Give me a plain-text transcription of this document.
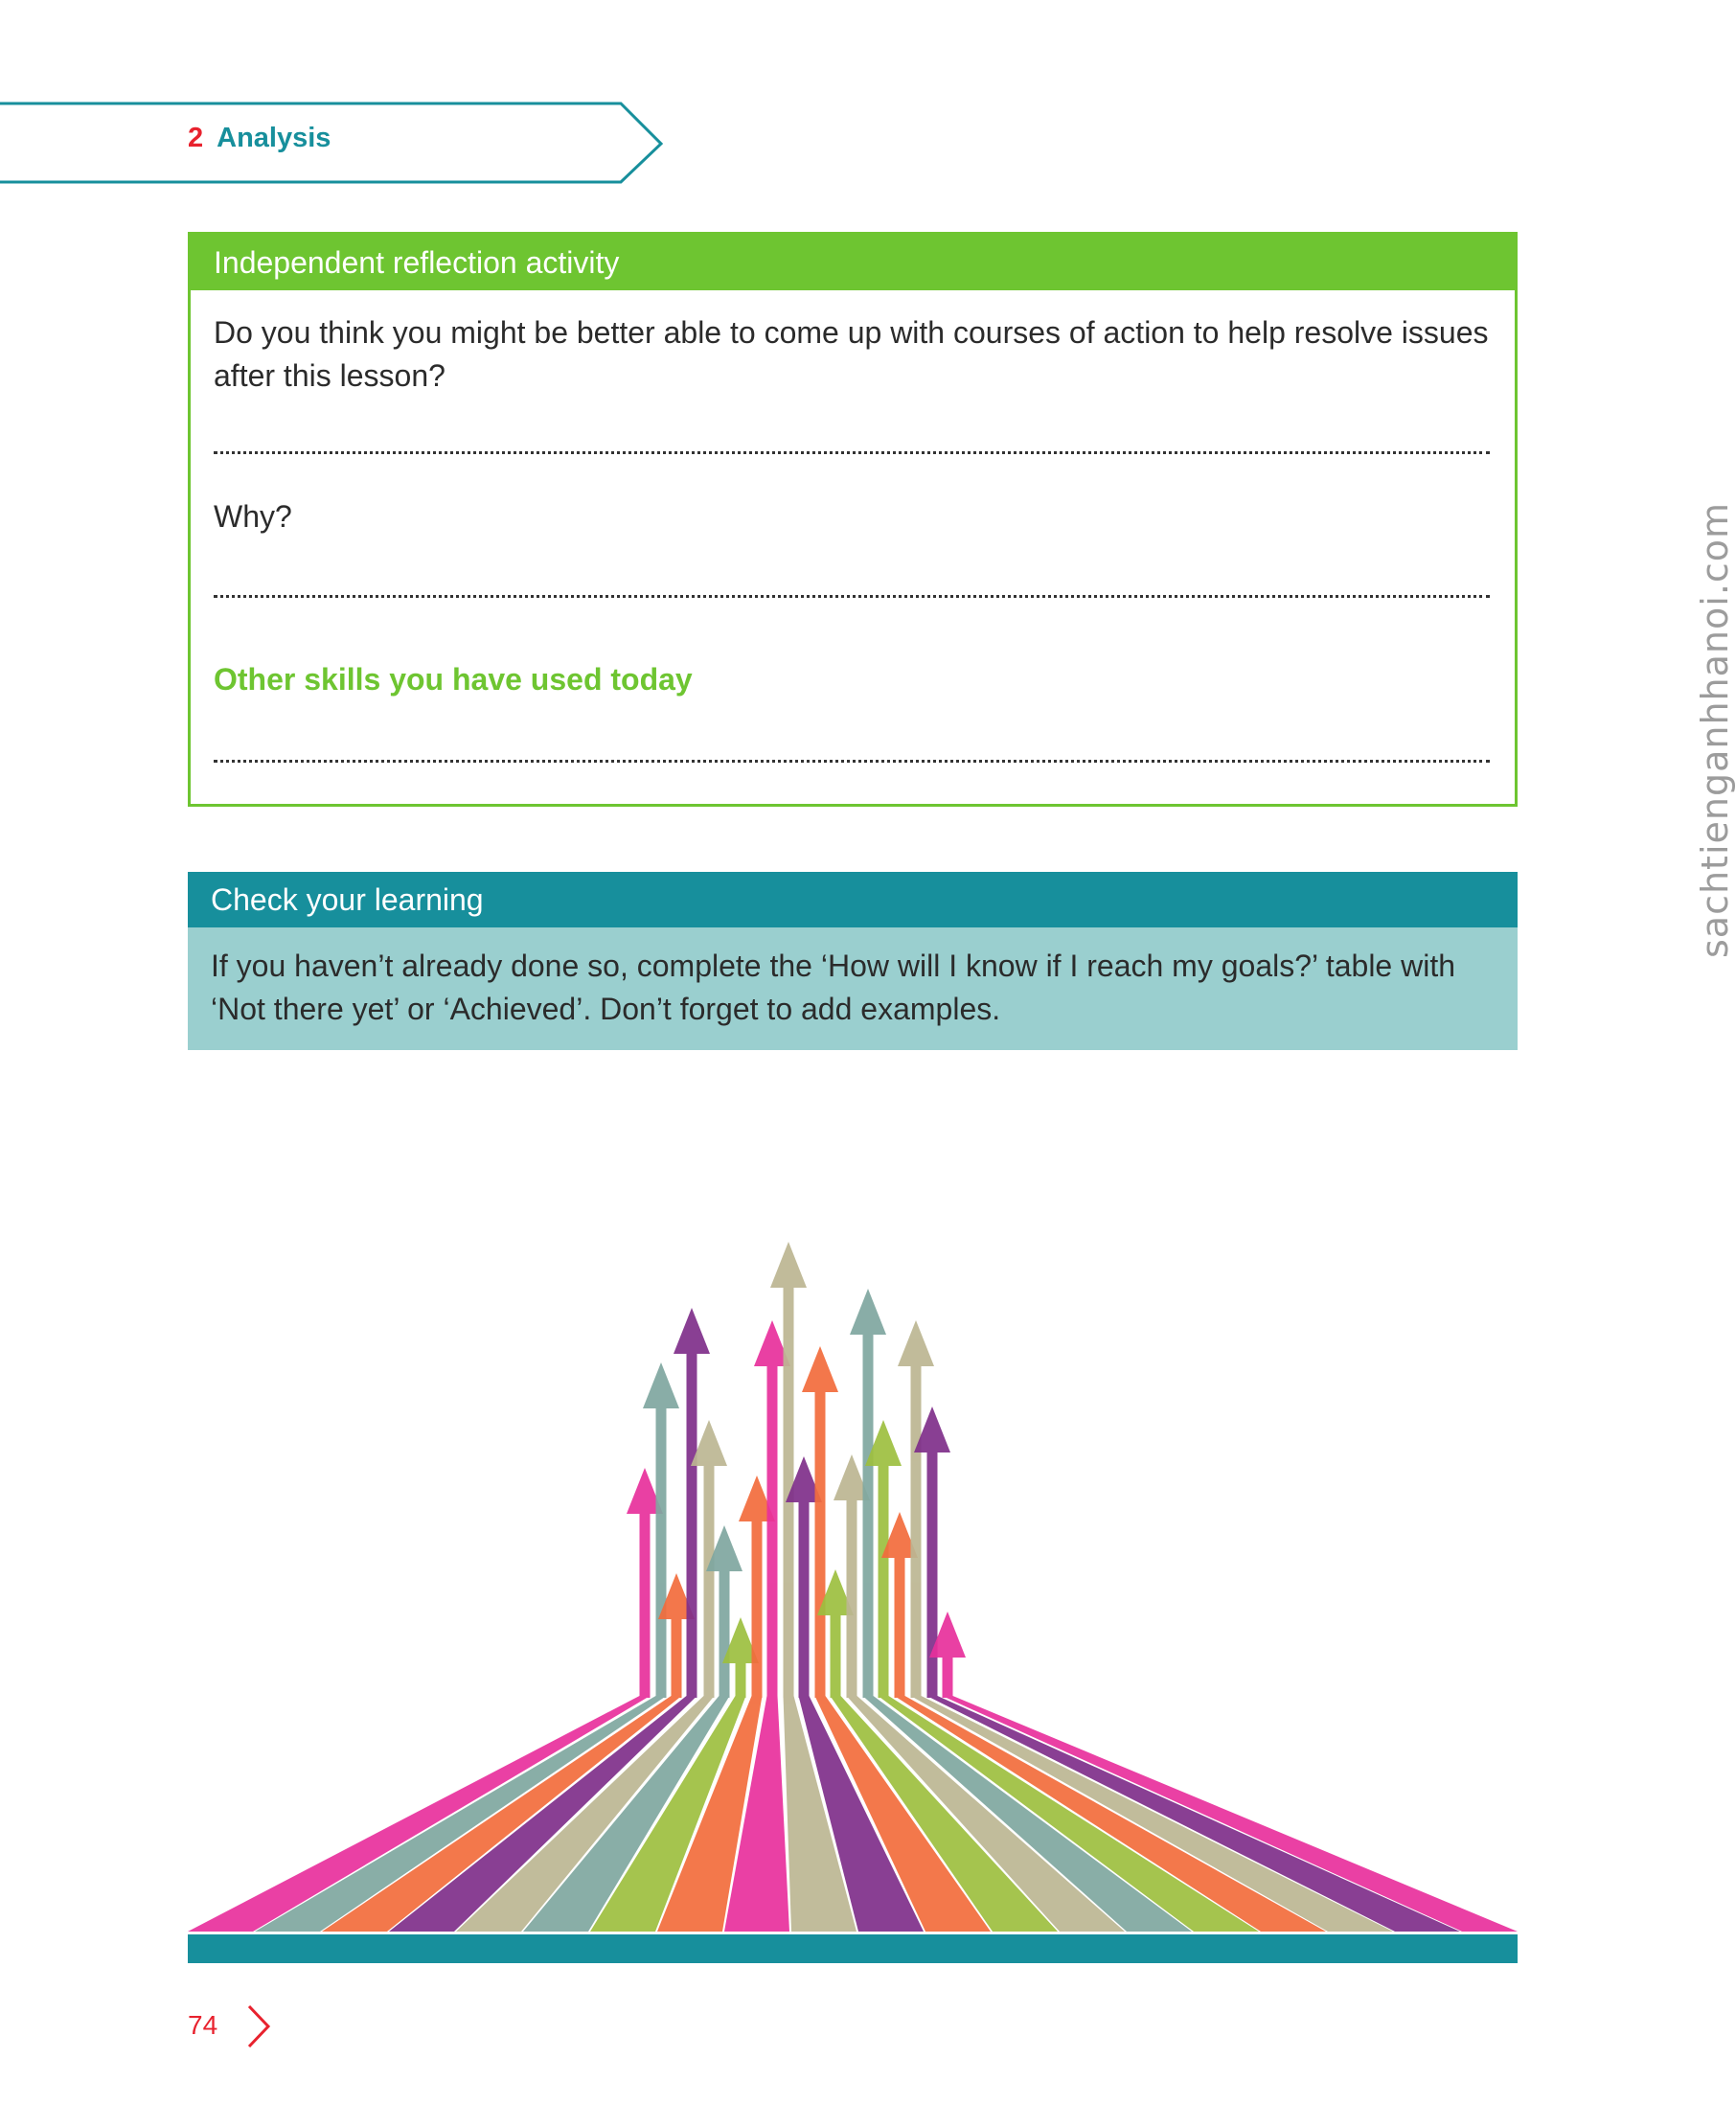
2 Analysis
Independent reflection activity
Do you think you might be better able to come up with courses of action to help resolve issues after this lesson?
Why?
Other skills you have used today
Check your learning
If you haven’t already done so, complete the ‘How will I know if I reach my goals?’ table with ‘Not there yet’ or ‘Achieved’. Don’t forget to add examples.
sachtienganhhanoi.com
74
